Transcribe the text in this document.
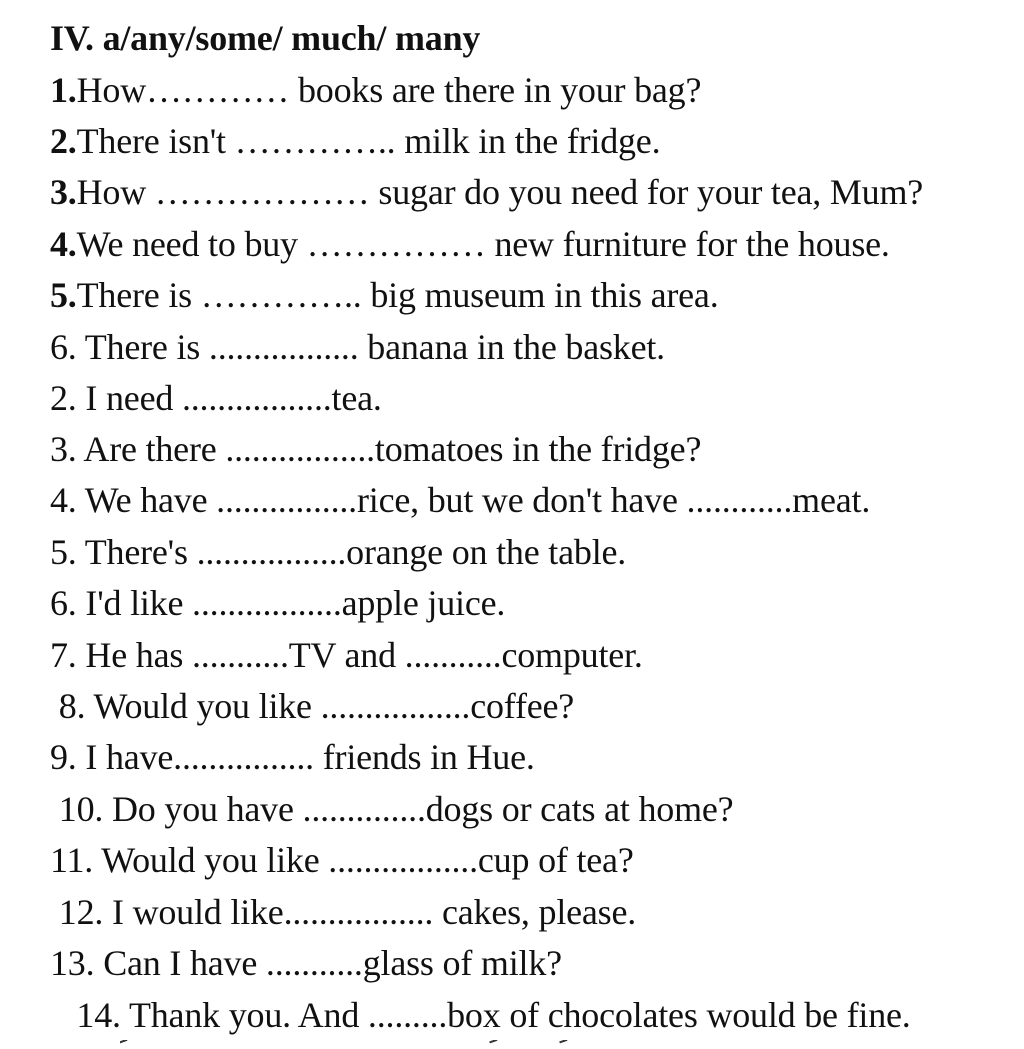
IV. a/any/some/ much/ many
1.How………… books are there in your bag?
2.There isn't ………….. milk in the fridge.
3.How ……………… sugar do you need for your tea, Mum?
4.We need to buy …………… new furniture for the house.
5.There is ………….. big museum in this area.
6. There is ................. banana in the basket.
2. I need .................tea.
3. Are there .................tomatoes in the fridge?
4. We have ................rice, but we don't have ............meat.
5. There's .................orange on the table.
6. I'd like .................apple juice.
7. He has ...........TV and ...........computer.
8. Would you like .................coffee?
9. I have................ friends in Hue.
10. Do you have ..............dogs or cats at home?
11. Would you like .................cup of tea?
12. I would like................. cakes, please.
13. Can I have ...........glass of milk?
14. Thank you. And .........box of chocolates would be fine.
